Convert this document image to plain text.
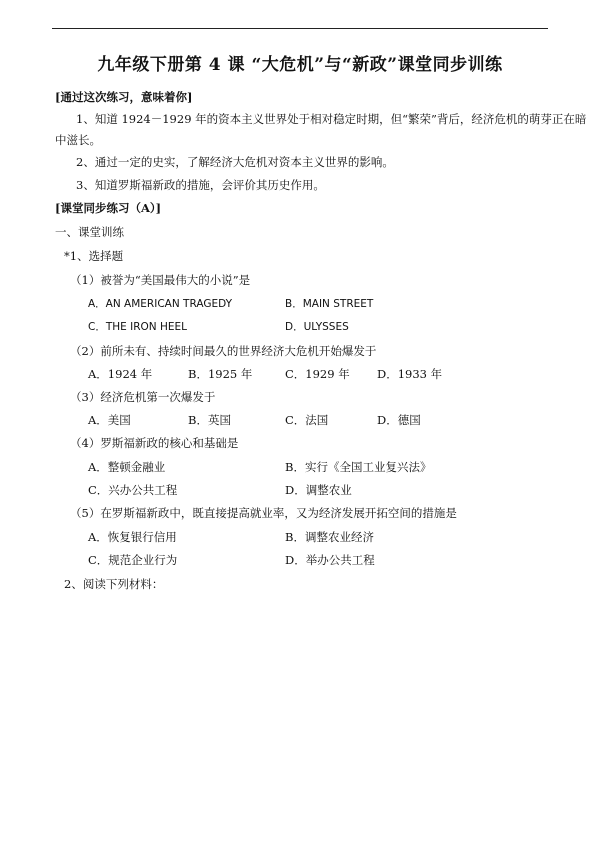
九年级下册第 4 课 “大危机”与“新政”课堂同步训练
[通过这次练习，意味着你]
1、知道 1924－1929 年的资本主义世界处于相对稳定时期，但“繁荣”背后，经济危机的萌芽正在暗
中滋长。
2、通过一定的史实，了解经济大危机对资本主义世界的影响。
3、知道罗斯福新政的措施，会评价其历史作用。
[课堂同步练习（A）]
一、课堂训练
*1、选择题
（1）被誉为“美国最伟大的小说”是
A．AN AMERICAN TRAGEDY	B．MAIN STREET
C．THE IRON HEEL	D．ULYSSES
（2）前所未有、持续时间最久的世界经济大危机开始爆发于
A．1924 年	B．1925 年	C．1929 年 D．1933 年
（3）经济危机第一次爆发于
A．美国	B．英国	C．法国	D．德国
（4）罗斯福新政的核心和基础是
A．整顿金融业	B．实行《全国工业复兴法》
C．兴办公共工程	D．调整农业
（5）在罗斯福新政中，既直接提高就业率，又为经济发展开拓空间的措施是
A．恢复银行信用	B．调整农业经济
C．规范企业行为	D．举办公共工程
2、阅读下列材料：
